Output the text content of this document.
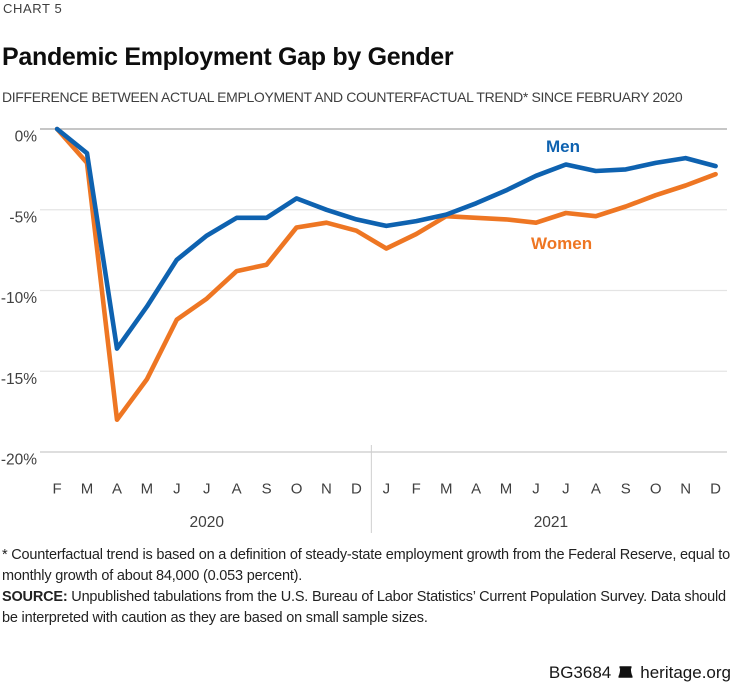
CHART 5
Pandemic Employment Gap by Gender
DIFFERENCE BETWEEN ACTUAL EMPLOYMENT AND COUNTERFACTUAL TREND* SINCE FEBRUARY 2020
0%
-5%
-10%
-15%
-20%
F M A M J J A S O N D J F M A M J J A S O N D
2020	2021
Men
Women

* Counterfactual trend is based on a definition of steady-state employment growth from the Federal Reserve, equal to monthly growth of about 84,000 (0.053 percent).

SOURCE: Unpublished tabulations from the U.S. Bureau of Labor Statistics’ Current Population Survey. Data should be interpreted with caution as they are based on small sample sizes.

BG3684 heritage.org
